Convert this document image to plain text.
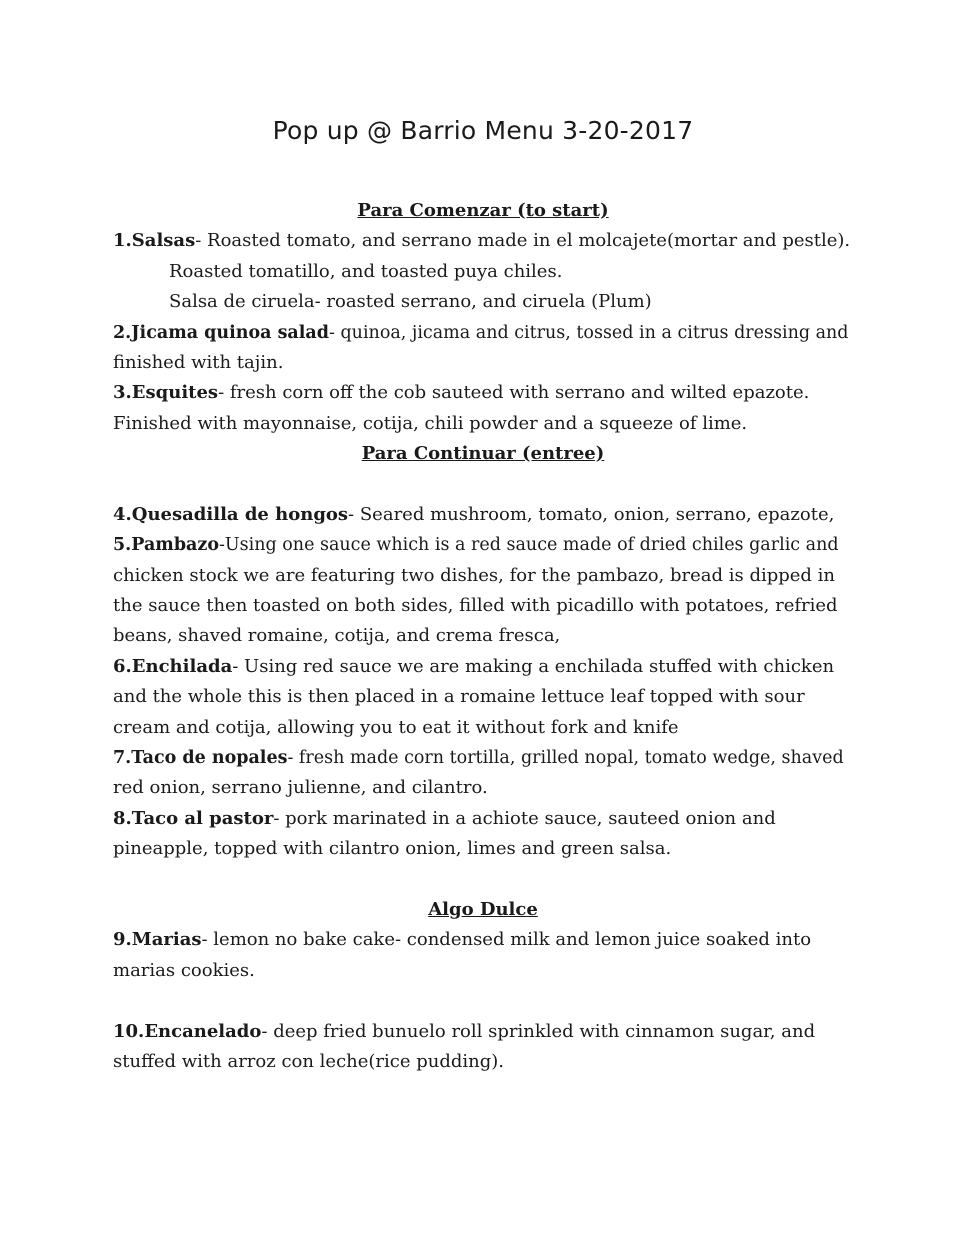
Pop up @ Barrio Menu 3-20-2017
Para Comenzar (to start)
1.Salsas- Roasted tomato, and serrano made in el molcajete(mortar and pestle).
Roasted tomatillo, and toasted puya chiles.
Salsa de ciruela- roasted serrano, and ciruela (Plum)
2.Jicama quinoa salad- quinoa, jicama and citrus, tossed in a citrus dressing and
finished with tajin.
3.Esquites- fresh corn off the cob sauteed with serrano and wilted epazote.
Finished with mayonnaise, cotija, chili powder and a squeeze of lime.
Para Continuar (entree)
4.Quesadilla de hongos- Seared mushroom, tomato, onion, serrano, epazote,
5.Pambazo-Using one sauce which is a red sauce made of dried chiles garlic and
chicken stock we are featuring two dishes, for the pambazo, bread is dipped in
the sauce then toasted on both sides, filled with picadillo with potatoes, refried
beans, shaved romaine, cotija, and crema fresca,
6.Enchilada- Using red sauce we are making a enchilada stuffed with chicken
and the whole this is then placed in a romaine lettuce leaf topped with sour
cream and cotija, allowing you to eat it without fork and knife
7.Taco de nopales- fresh made corn tortilla, grilled nopal, tomato wedge, shaved
red onion, serrano julienne, and cilantro.
8.Taco al pastor- pork marinated in a achiote sauce, sauteed onion and
pineapple, topped with cilantro onion, limes and green salsa.
Algo Dulce
9.Marias- lemon no bake cake- condensed milk and lemon juice soaked into
marias cookies.
10.Encanelado- deep fried bunuelo roll sprinkled with cinnamon sugar, and
stuffed with arroz con leche(rice pudding).
